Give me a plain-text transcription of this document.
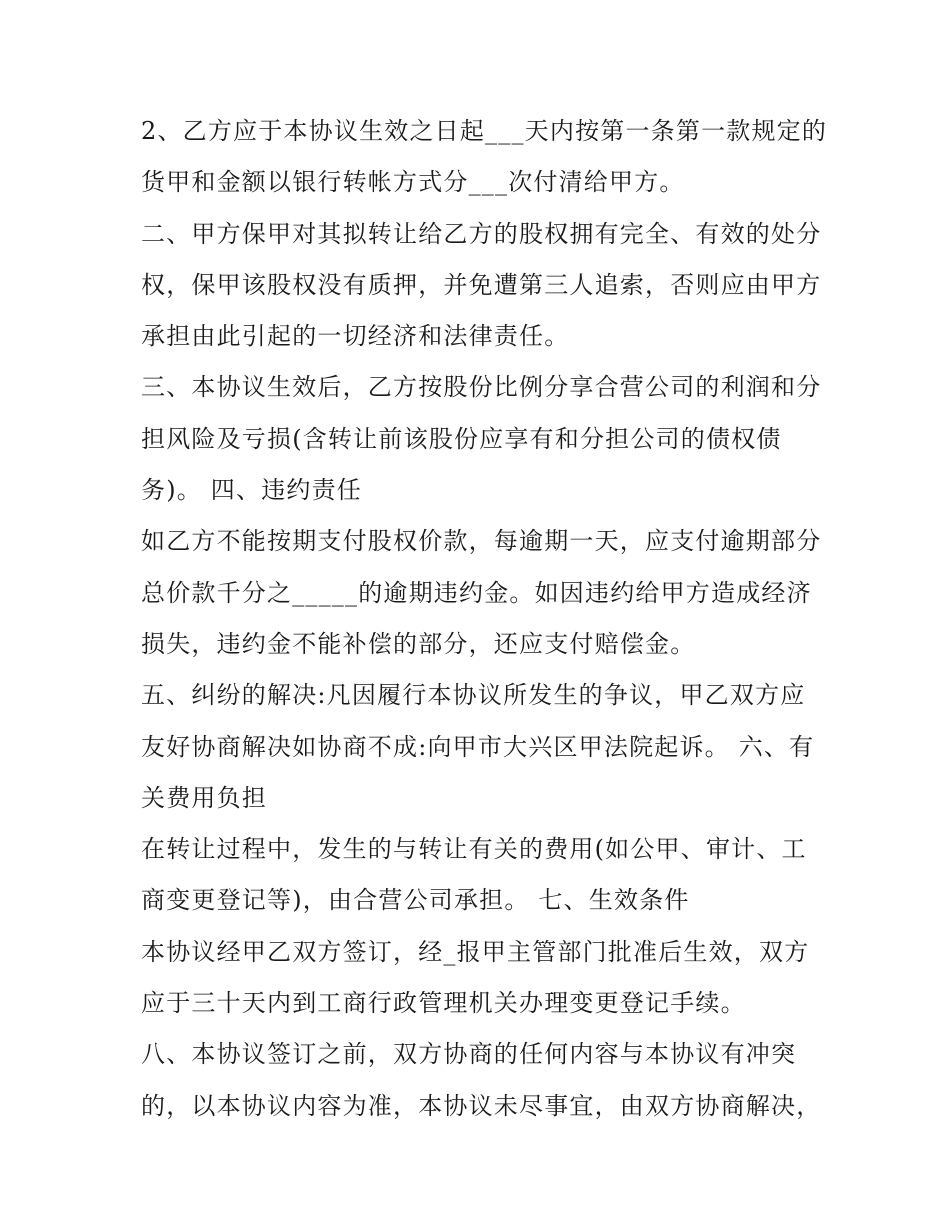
2、乙方应于本协议生效之日起___天内按第一条第一款规定的
货甲和金额以银行转帐方式分___次付清给甲方。
二、甲方保甲对其拟转让给乙方的股权拥有完全、有效的处分
权，保甲该股权没有质押，并免遭第三人追索，否则应由甲方
承担由此引起的一切经济和法律责任。
三、本协议生效后，乙方按股份比例分享合营公司的利润和分
担风险及亏损(含转让前该股份应享有和分担公司的债权债
务)。 四、违约责任
如乙方不能按期支付股权价款，每逾期一天，应支付逾期部分
总价款千分之_____的逾期违约金。如因违约给甲方造成经济
损失，违约金不能补偿的部分，还应支付赔偿金。
五、纠纷的解决:凡因履行本协议所发生的争议，甲乙双方应
友好协商解决如协商不成:向甲市大兴区甲法院起诉。 六、有
关费用负担
在转让过程中，发生的与转让有关的费用(如公甲、审计、工
商变更登记等)，由合营公司承担。 七、生效条件
本协议经甲乙双方签订，经_报甲主管部门批准后生效，双方
应于三十天内到工商行政管理机关办理变更登记手续。
八、本协议签订之前，双方协商的任何内容与本协议有冲突
的，以本协议内容为准，本协议未尽事宜，由双方协商解决，
